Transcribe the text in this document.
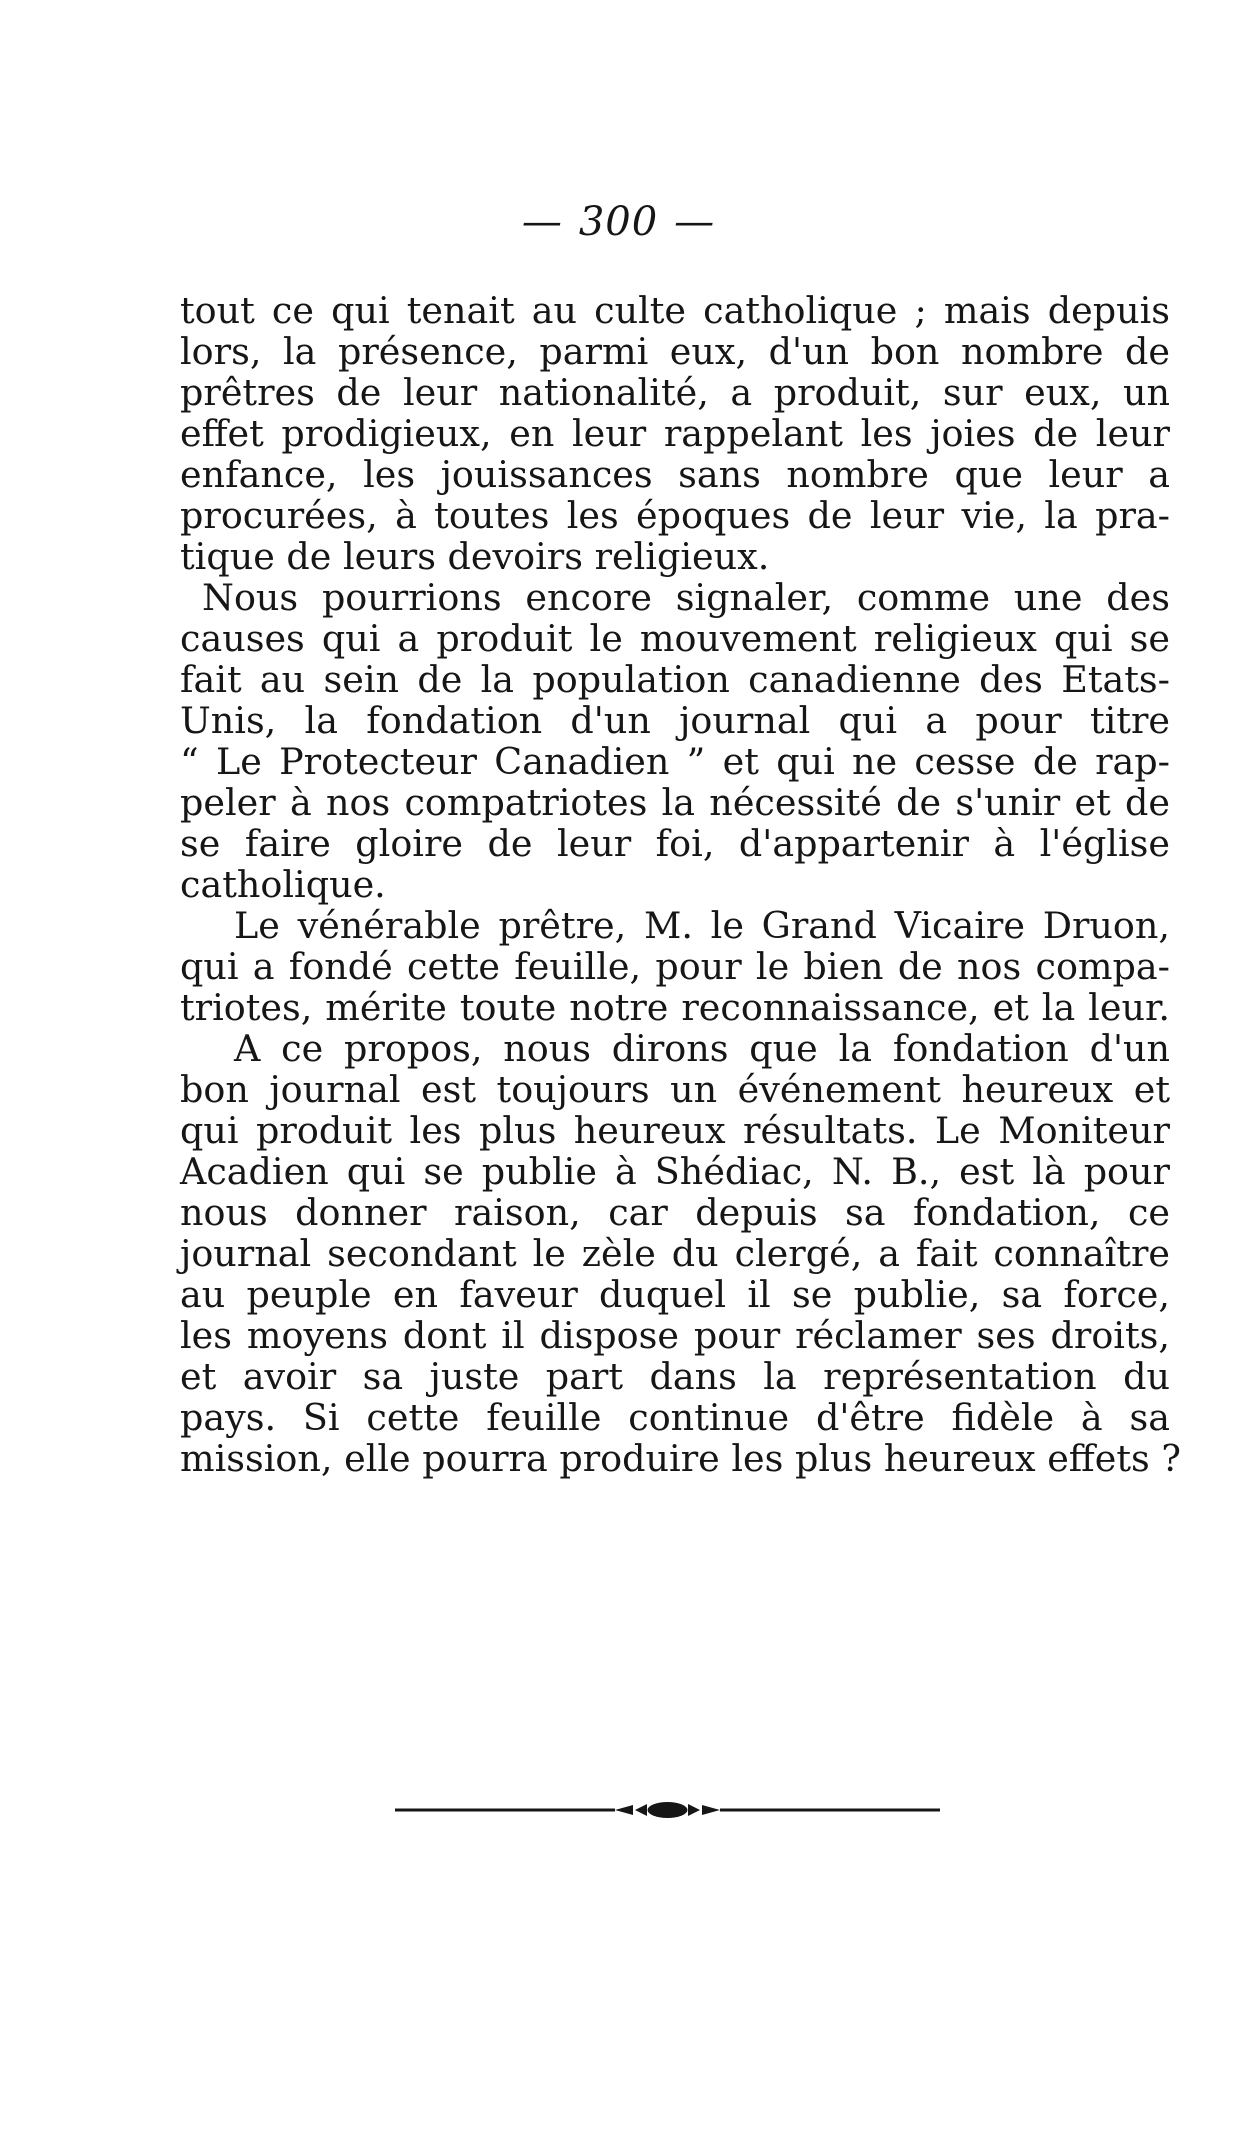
— 300 —
tout ce qui tenait au culte catholique ; mais depuis
lors, la présence, parmi eux, d'un bon nombre de
prêtres de leur nationalité, a produit, sur eux, un
effet prodigieux, en leur rappelant les joies de leur
enfance, les jouissances sans nombre que leur a
procurées, à toutes les époques de leur vie, la pra-
tique de leurs devoirs religieux.
Nous pourrions encore signaler, comme une des
causes qui a produit le mouvement religieux qui se
fait au sein de la population canadienne des Etats-
Unis, la fondation d'un journal qui a pour titre
“ Le Protecteur Canadien ” et qui ne cesse de rap-
peler à nos compatriotes la nécessité de s'unir et de
se faire gloire de leur foi, d'appartenir à l'église
catholique.
Le vénérable prêtre, M. le Grand Vicaire Druon,
qui a fondé cette feuille, pour le bien de nos compa-
triotes, mérite toute notre reconnaissance, et la leur.
A ce propos, nous dirons que la fondation d'un
bon journal est toujours un événement heureux et
qui produit les plus heureux résultats. Le Moniteur
Acadien qui se publie à Shédiac, N. B., est là pour
nous donner raison, car depuis sa fondation, ce
journal secondant le zèle du clergé, a fait connaître
au peuple en faveur duquel il se publie, sa force,
les moyens dont il dispose pour réclamer ses droits,
et avoir sa juste part dans la représentation du
pays. Si cette feuille continue d'être fidèle à sa
mission, elle pourra produire les plus heureux effets ?
